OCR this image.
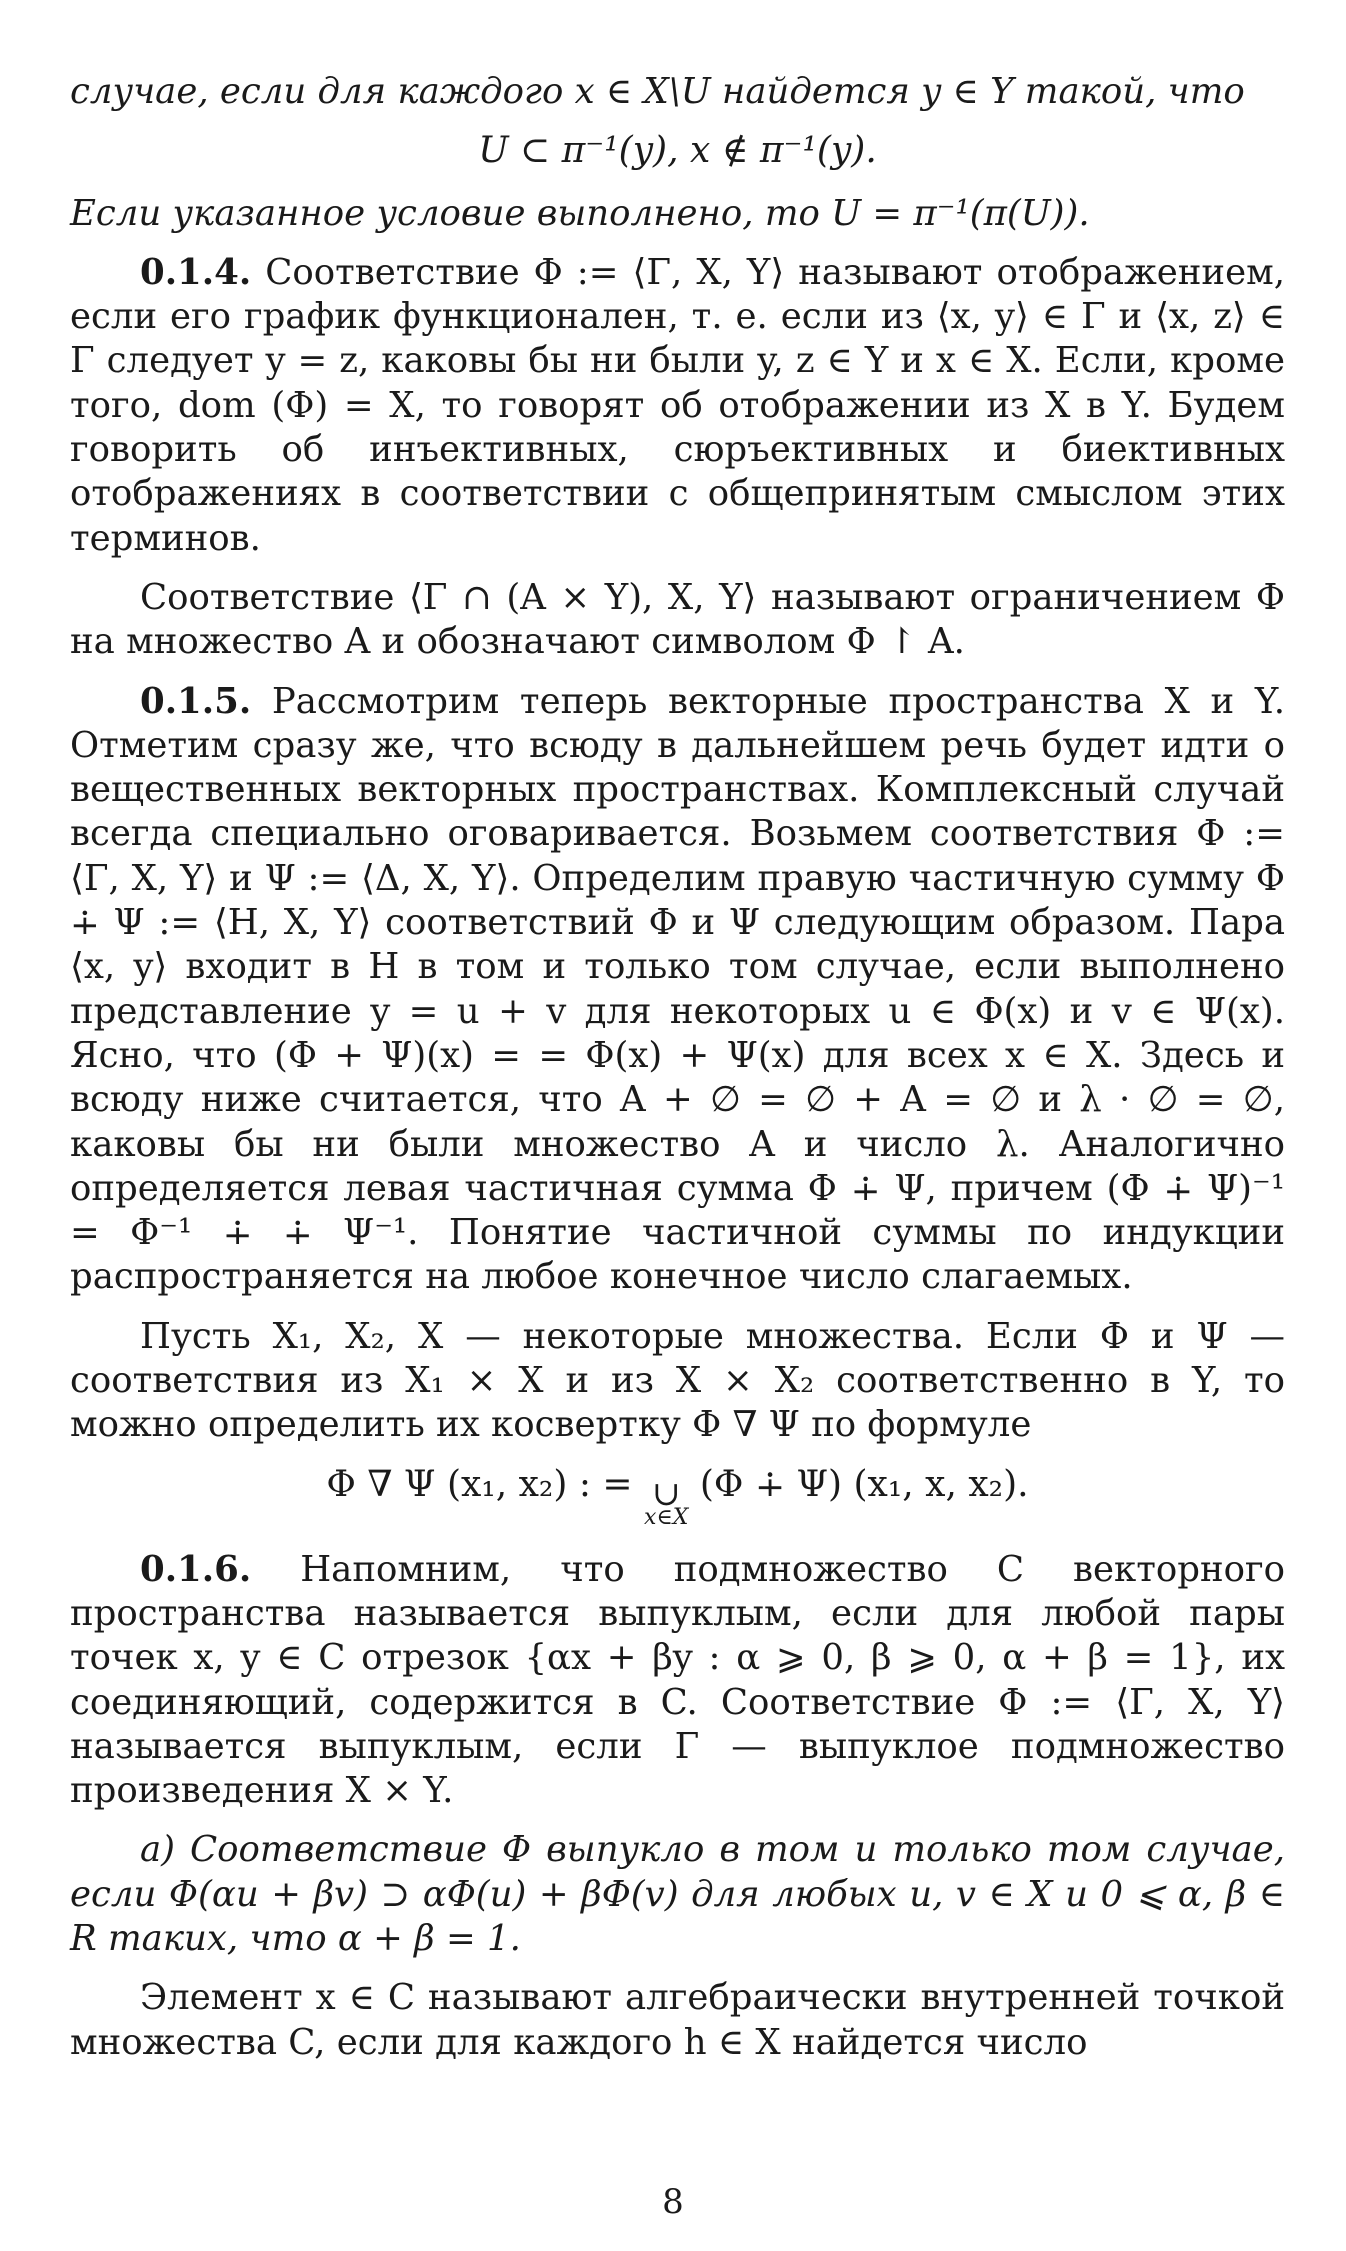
случае, если для каждого x ∈ X\U найдется y ∈ Y такой, что

U ⊂ π⁻¹(y), x ∉ π⁻¹(y).

Если указанное условие выполнено, то U = π⁻¹(π(U)).

0.1.4. Соответствие Φ := ⟨Γ, X, Y⟩ называют отображением, если его график функционален, т. е. если из ⟨x, y⟩ ∈ Γ и ⟨x, z⟩ ∈ Γ следует y = z, каковы бы ни были y, z ∈ Y и x ∈ X. Если, кроме того, dom (Φ) = X, то говорят об отображении из X в Y. Будем говорить об инъективных, сюръективных и биективных отображениях в соответствии с общепринятым смыслом этих терминов.

Соответствие ⟨Γ ∩ (A × Y), X, Y⟩ называют ограничением Φ на множество A и обозначают символом Φ ↾ A.

0.1.5. Рассмотрим теперь векторные пространства X и Y. Отметим сразу же, что всюду в дальнейшем речь будет идти о вещественных векторных пространствах. Комплексный случай всегда специально оговаривается. Возьмем соответствия Φ := ⟨Γ, X, Y⟩ и Ψ := ⟨Δ, X, Y⟩. Определим правую частичную сумму Φ ∔ Ψ := ⟨H, X, Y⟩ соответствий Φ и Ψ следующим образом. Пара ⟨x, y⟩ входит в H в том и только том случае, если выполнено представление y = u + v для некоторых u ∈ Φ(x) и v ∈ Ψ(x). Ясно, что (Φ + Ψ)(x) = = Φ(x) + Ψ(x) для всех x ∈ X. Здесь и всюду ниже считается, что A + ∅ = ∅ + A = ∅ и λ · ∅ = ∅, каковы бы ни были множество A и число λ. Аналогично определяется левая частичная сумма Φ ∔ Ψ, причем (Φ ∔ Ψ)⁻¹ = Φ⁻¹ ∔ ∔ Ψ⁻¹. Понятие частичной суммы по индукции распространяется на любое конечное число слагаемых.

Пусть X₁, X₂, X — некоторые множества. Если Φ и Ψ — соответствия из X₁ × X и из X × X₂ соответственно в Y, то можно определить их косвертку Φ ∇ Ψ по формуле

Φ ∇ Ψ (x₁, x₂) : = ∪
x∈X
(Φ ∔ Ψ) (x₁, x, x₂).

0.1.6. Напомним, что подмножество C векторного пространства называется выпуклым, если для любой пары точек x, y ∈ C отрезок {αx + βy : α ⩾ 0, β ⩾ 0, α + β = 1}, их соединяющий, содержится в C. Соответствие Φ := ⟨Γ, X, Y⟩ называется выпуклым, если Γ — выпуклое подмножество произведения X × Y.

а) Соответствие Φ выпукло в том и только том случае, если Φ(αu + βv) ⊃ αΦ(u) + βΦ(v) для любых u, v ∈ X и 0 ⩽ α, β ∈ R таких, что α + β = 1.

Элемент x ∈ C называют алгебраически внутренней точкой множества C, если для каждого h ∈ X найдется число

8
